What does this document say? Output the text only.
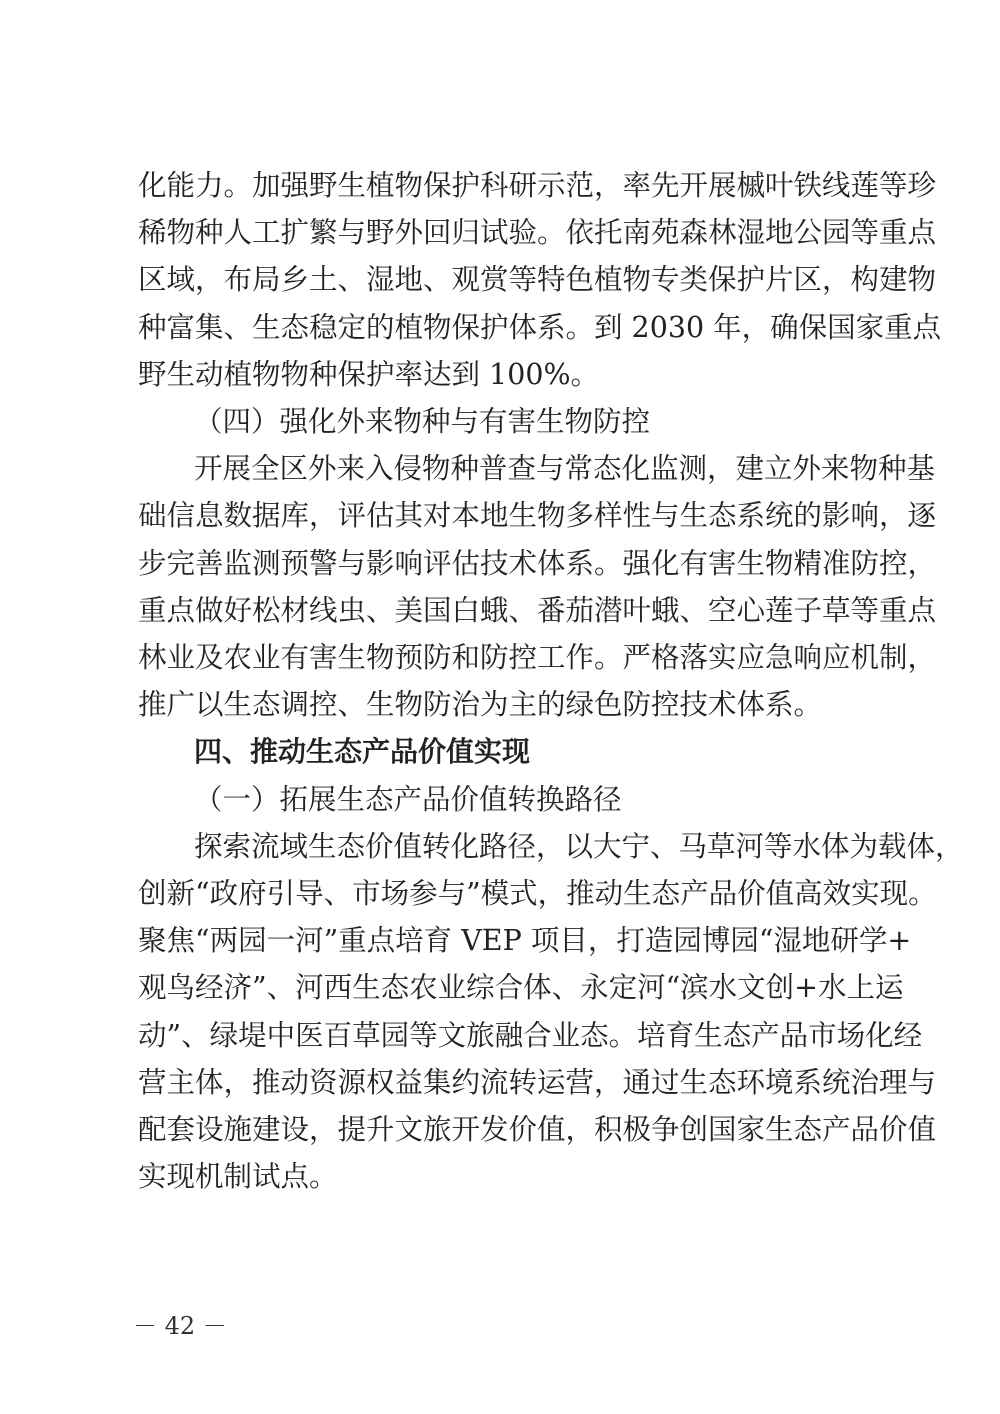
化能力。加强野生植物保护科研示范，率先开展槭叶铁线莲等珍
稀物种人工扩繁与野外回归试验。依托南苑森林湿地公园等重点
区域，布局乡土、湿地、观赏等特色植物专类保护片区，构建物
种富集、生态稳定的植物保护体系。到 2030 年，确保国家重点
野生动植物物种保护率达到 100%。
（四）强化外来物种与有害生物防控
开展全区外来入侵物种普查与常态化监测，建立外来物种基
础信息数据库，评估其对本地生物多样性与生态系统的影响，逐
步完善监测预警与影响评估技术体系。强化有害生物精准防控，
重点做好松材线虫、美国白蛾、番茄潜叶蛾、空心莲子草等重点
林业及农业有害生物预防和防控工作。严格落实应急响应机制，
推广以生态调控、生物防治为主的绿色防控技术体系。
四、推动生态产品价值实现
（一）拓展生态产品价值转换路径
探索流域生态价值转化路径，以大宁、马草河等水体为载体，
创新“政府引导、市场参与”模式，推动生态产品价值高效实现。
聚焦“两园一河”重点培育 VEP 项目，打造园博园“湿地研学+
观鸟经济”、河西生态农业综合体、永定河“滨水文创+水上运
动”、绿堤中医百草园等文旅融合业态。培育生态产品市场化经
营主体，推动资源权益集约流转运营，通过生态环境系统治理与
配套设施建设，提升文旅开发价值，积极争创国家生态产品价值
实现机制试点。
－ 42 －
